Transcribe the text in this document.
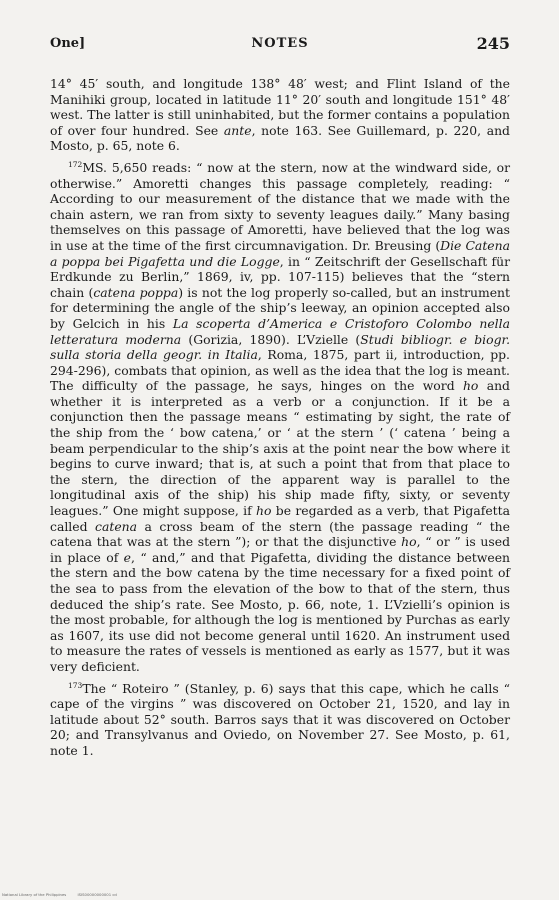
One]	NOTES	245

14° 45′ south, and longitude 138° 48′ west; and Flint Island of the Manihiki group, located in latitude 11° 20′ south and longitude 151° 48′ west. The latter is still uninhabited, but the former contains a population of over four hundred. See ante, note 163. See Guillemard, p. 220, and Mosto, p. 65, note 6.

$^{172}$MS. 5,650 reads: “ now at the stern, now at the windward side, or otherwise.” Amoretti changes this passage completely, reading: “ According to our measurement of the distance that we made with the chain astern, we ran from sixty to seventy leagues daily.” Many basing themselves on this passage of Amoretti, have believed that the log was in use at the time of the first circumnavigation. Dr. Breusing (Die Catena a poppa bei Pigafetta und die Logge, in “ Zeitschrift der Gesellschaft für Erdkunde zu Berlin,” 1869, iv, pp. 107-115) believes that the “stern chain (catena poppa) is not the log properly so-called, but an instrument for determining the angle of the ship’s leeway, an opinion accepted also by Gelcich in his La scoperta d’America e Cristoforo Colombo nella letteratura moderna (Gorizia, 1890). L’Vzielle (Studi bibliogr. e biogr. sulla storia della geogr. in Italia, Roma, 1875, part ii, introduction, pp. 294-296), combats that opinion, as well as the idea that the log is meant. The difficulty of the passage, he says, hinges on the word ho and whether it is interpreted as a verb or a conjunction. If it be a conjunction then the passage means “ estimating by sight, the rate of the ship from the ‘ bow catena,’ or ‘ at the stern ’ (‘ catena ’ being a beam perpendicular to the ship’s axis at the point near the bow where it begins to curve inward; that is, at such a point that from that place to the stern, the direction of the apparent way is parallel to the longitudinal axis of the ship) his ship made fifty, sixty, or seventy leagues.” One might suppose, if ho be regarded as a verb, that Pigafetta called catena a cross beam of the stern (the passage reading “ the catena that was at the stern ”); or that the disjunctive ho, “ or ” is used in place of e, “ and,” and that Pigafetta, dividing the distance between the stern and the bow catena by the time necessary for a fixed point of the sea to pass from the elevation of the bow to that of the stern, thus deduced the ship’s rate. See Mosto, p. 66, note, 1. L’Vzielli’s opinion is the most probable, for although the log is mentioned by Purchas as early as 1607, its use did not become general until 1620. An instrument used to measure the rates of vessels is mentioned as early as 1577, but it was very deficient.

$^{173}$The “ Roteiro ” (Stanley, p. 6) says that this cape, which he calls “ cape of the virgins ” was discovered on October 21, 1520, and lay in latitude about 52° south. Barros says that it was discovered on October 20; and Transylvanus and Oviedo, on November 27. See Mosto, p. 61, note 1.

National Library of the Philippines	ISIS00000000001 cd
